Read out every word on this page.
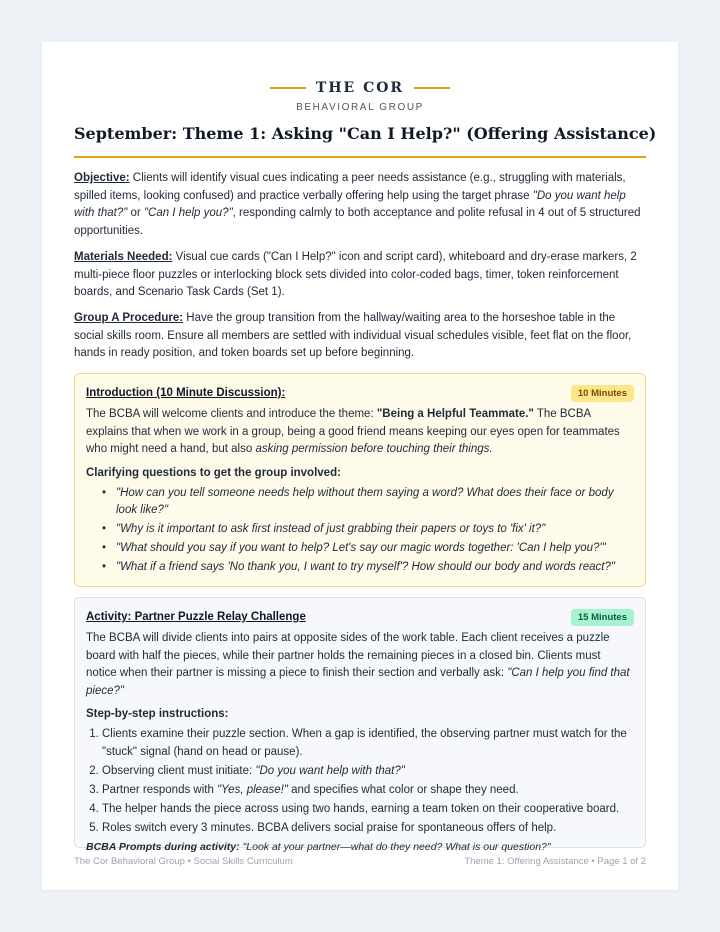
THE COR
BEHAVIORAL GROUP
September: Theme 1: Asking "Can I Help?" (Offering Assistance)
Objective: Clients will identify visual cues indicating a peer needs assistance (e.g., struggling with materials, spilled items, looking confused) and practice verbally offering help using the target phrase "Do you want help with that?" or "Can I help you?", responding calmly to both acceptance and polite refusal in 4 out of 5 structured opportunities.
Materials Needed: Visual cue cards ("Can I Help?" icon and script card), whiteboard and dry-erase markers, 2 multi-piece floor puzzles or interlocking block sets divided into color-coded bags, timer, token reinforcement boards, and Scenario Task Cards (Set 1).
Group A Procedure: Have the group transition from the hallway/waiting area to the horseshoe table in the social skills room. Ensure all members are settled with individual visual schedules visible, feet flat on the floor, hands in ready position, and token boards set up before beginning.
Introduction (10 Minute Discussion):	10 Minutes
The BCBA will welcome clients and introduce the theme: "Being a Helpful Teammate." The BCBA explains that when we work in a group, being a good friend means keeping our eyes open for teammates who might need a hand, but also asking permission before touching their things.
Clarifying questions to get the group involved:
• "How can you tell someone needs help without them saying a word? What does their face or body look like?"
• "Why is it important to ask first instead of just grabbing their papers or toys to 'fix' it?"
• "What should you say if you want to help? Let's say our magic words together: 'Can I help you?'"
• "What if a friend says 'No thank you, I want to try myself'? How should our body and words react?"
Activity: Partner Puzzle Relay Challenge	15 Minutes
The BCBA will divide clients into pairs at opposite sides of the work table. Each client receives a puzzle board with half the pieces, while their partner holds the remaining pieces in a closed bin. Clients must notice when their partner is missing a piece to finish their section and verbally ask: "Can I help you find that piece?"
Step-by-step instructions:
1. Clients examine their puzzle section. When a gap is identified, the observing partner must watch for the "stuck" signal (hand on head or pause).
2. Observing client must initiate: "Do you want help with that?"
3. Partner responds with "Yes, please!" and specifies what color or shape they need.
4. The helper hands the piece across using two hands, earning a team token on their cooperative board.
5. Roles switch every 3 minutes. BCBA delivers social praise for spontaneous offers of help.
BCBA Prompts during activity: "Look at your partner—what do they need? What is our question?"
The Cor Behavioral Group • Social Skills Curriculum	Theme 1: Offering Assistance • Page 1 of 2
